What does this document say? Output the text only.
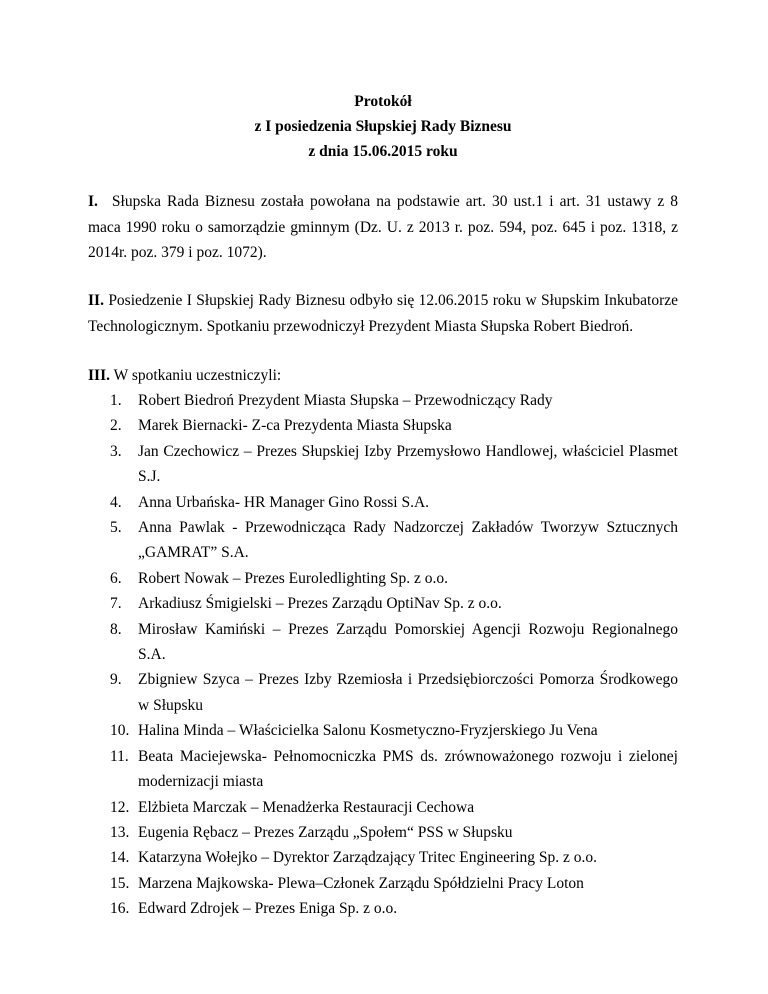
Protokół
z I posiedzenia Słupskiej Rady Biznesu
z dnia 15.06.2015 roku

I. Słupska Rada Biznesu została powołana na podstawie art. 30 ust.1 i art. 31 ustawy z 8 maca 1990 roku o samorządzie gminnym (Dz. U. z 2013 r. poz. 594, poz. 645 i poz. 1318, z 2014r. poz. 379 i poz. 1072).

II. Posiedzenie I Słupskiej Rady Biznesu odbyło się 12.06.2015 roku w Słupskim Inkubatorze Technologicznym. Spotkaniu przewodniczył Prezydent Miasta Słupska Robert Biedroń.

III. W spotkaniu uczestniczyli:

1. Robert Biedroń Prezydent Miasta Słupska – Przewodniczący Rady
2. Marek Biernacki- Z-ca Prezydenta Miasta Słupska
3. Jan Czechowicz – Prezes Słupskiej Izby Przemysłowo Handlowej, właściciel Plasmet S.J.
4. Anna Urbańska- HR Manager Gino Rossi S.A.
5. Anna Pawlak - Przewodnicząca Rady Nadzorczej Zakładów Tworzyw Sztucznych „GAMRAT” S.A.
6. Robert Nowak – Prezes Euroledlighting Sp. z o.o.
7. Arkadiusz Śmigielski – Prezes Zarządu OptiNav Sp. z o.o.
8. Mirosław Kamiński – Prezes Zarządu Pomorskiej Agencji Rozwoju Regionalnego S.A.
9. Zbigniew Szyca – Prezes Izby Rzemiosła i Przedsiębiorczości Pomorza Środkowego w Słupsku
10. Halina Minda – Właścicielka Salonu Kosmetyczno-Fryzjerskiego Ju Vena
11. Beata Maciejewska- Pełnomocniczka PMS ds. zrównoważonego rozwoju i zielonej modernizacji miasta
12. Elżbieta Marczak – Menadżerka Restauracji Cechowa
13. Eugenia Rębacz – Prezes Zarządu „Społem“ PSS w Słupsku
14. Katarzyna Wołejko – Dyrektor Zarządzający Tritec Engineering Sp. z o.o.
15. Marzena Majkowska- Plewa–Członek Zarządu Spółdzielni Pracy Loton
16. Edward Zdrojek – Prezes Eniga Sp. z o.o.
